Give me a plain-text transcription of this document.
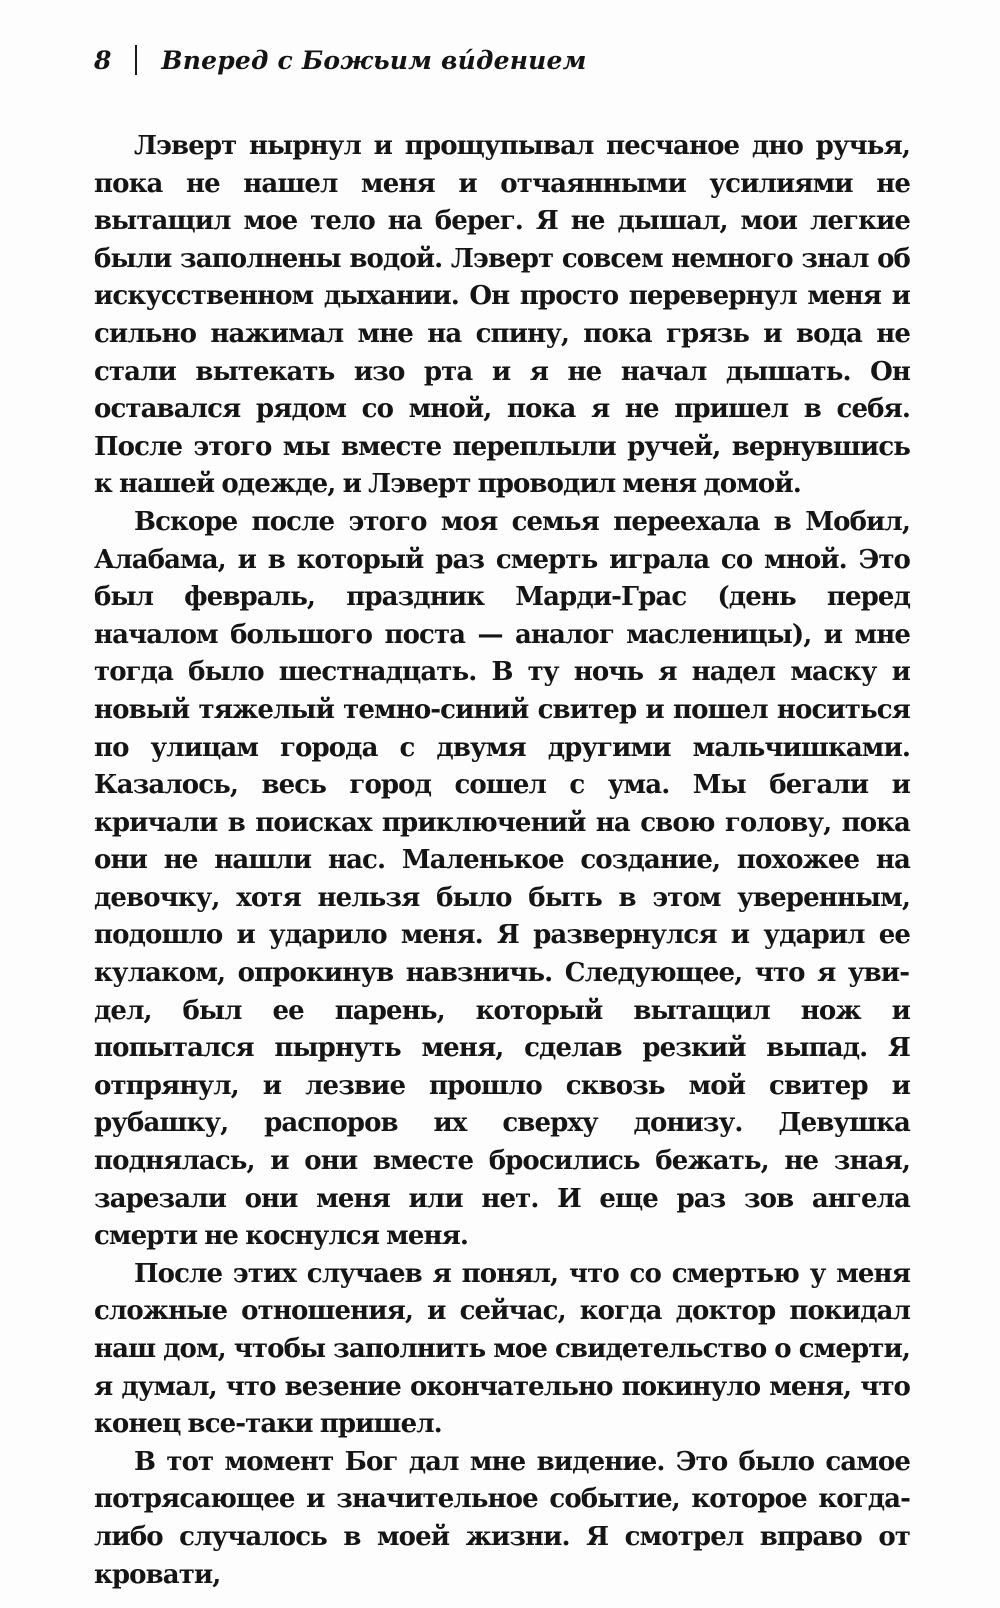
8 Вперед с Божьим вúдением

Лэверт нырнул и прощупывал песчаное дно ручья, пока не нашел меня и отчаянными усилиями не вытащил мое тело на берег. Я не дышал, мои легкие были заполнены водой. Лэверт совсем немного знал об искусственном дыхании. Он просто перевернул меня и сильно нажимал мне на спину, пока грязь и вода не стали вытекать изо рта и я не начал дышать. Он оставался рядом со мной, пока я не пришел в себя. После этого мы вместе переплыли ручей, вернувшись к нашей одежде, и Лэверт проводил меня домой.

Вскоре после этого моя семья переехала в Мобил, Алабама, и в который раз смерть играла со мной. Это был февраль, праздник Марди-Грас (день перед началом большого поста — аналог масленицы), и мне тогда было шестнадцать. В ту ночь я надел маску и новый тяжелый темно-синий свитер и пошел носиться по улицам города с двумя другими мальчишками. Казалось, весь город сошел с ума. Мы бегали и кричали в поисках приключений на свою голову, пока они не нашли нас. Маленькое создание, похожее на девочку, хотя нельзя было быть в этом уверенным, подошло и ударило меня. Я развернулся и ударил ее кулаком, опрокинув навзничь. Следующее, что я увидел, был ее парень, который вытащил нож и попытался пырнуть меня, сделав резкий выпад. Я отпрянул, и лезвие прошло сквозь мой свитер и рубашку, распоров их сверху донизу. Девушка поднялась, и они вместе бросились бежать, не зная, зарезали они меня или нет. И еще раз зов ангела смерти не коснулся меня.

После этих случаев я понял, что со смертью у меня сложные отношения, и сейчас, когда доктор покидал наш дом, чтобы заполнить мое свидетельство о смерти, я думал, что везение окончательно покинуло меня, что конец все-таки пришел.

В тот момент Бог дал мне видение. Это было самое потрясающее и значительное событие, которое когда-либо случалось в моей жизни. Я смотрел вправо от кровати,
